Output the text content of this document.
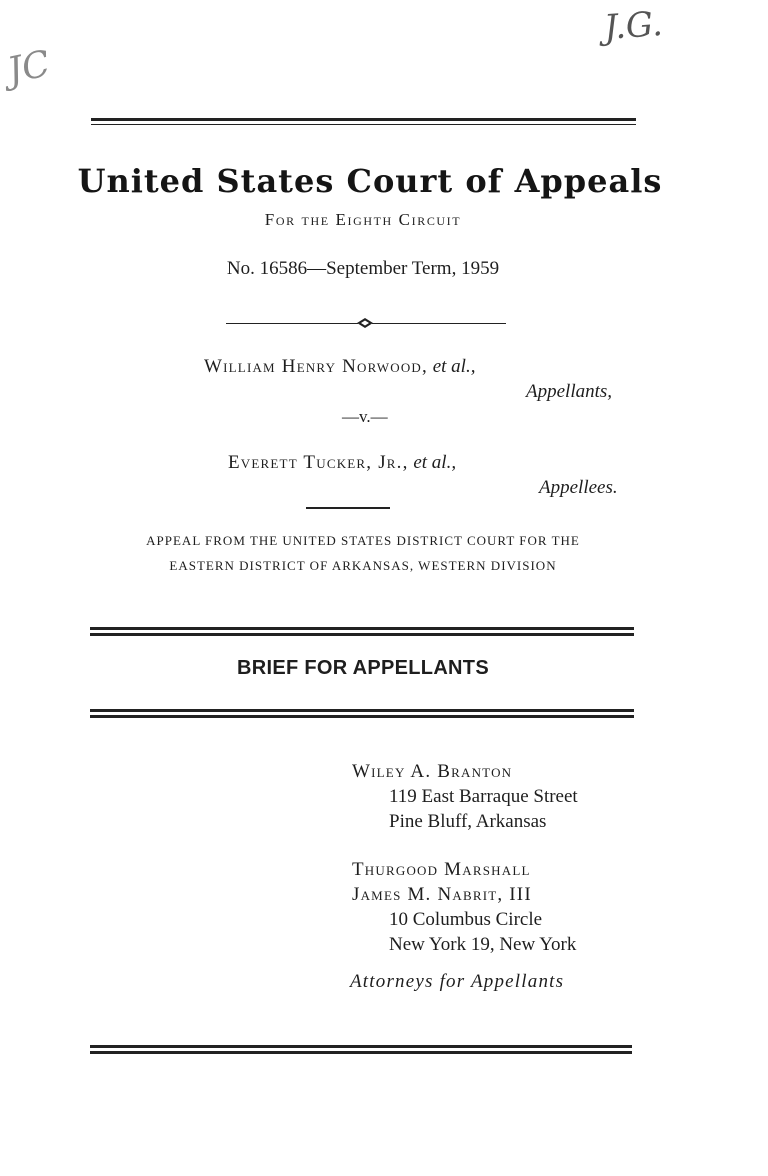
JC
J.G.
United States Court of Appeals
For the Eighth Circuit
No. 16586—September Term, 1959
William Henry Norwood, et al.,
Appellants,
—v.—
Everett Tucker, Jr., et al.,
Appellees.
APPEAL FROM THE UNITED STATES DISTRICT COURT FOR THE
EASTERN DISTRICT OF ARKANSAS, WESTERN DIVISION
BRIEF FOR APPELLANTS
Wiley A. Branton
119 East Barraque Street
Pine Bluff, Arkansas
Thurgood Marshall
James M. Nabrit, III
10 Columbus Circle
New York 19, New York
Attorneys for Appellants
